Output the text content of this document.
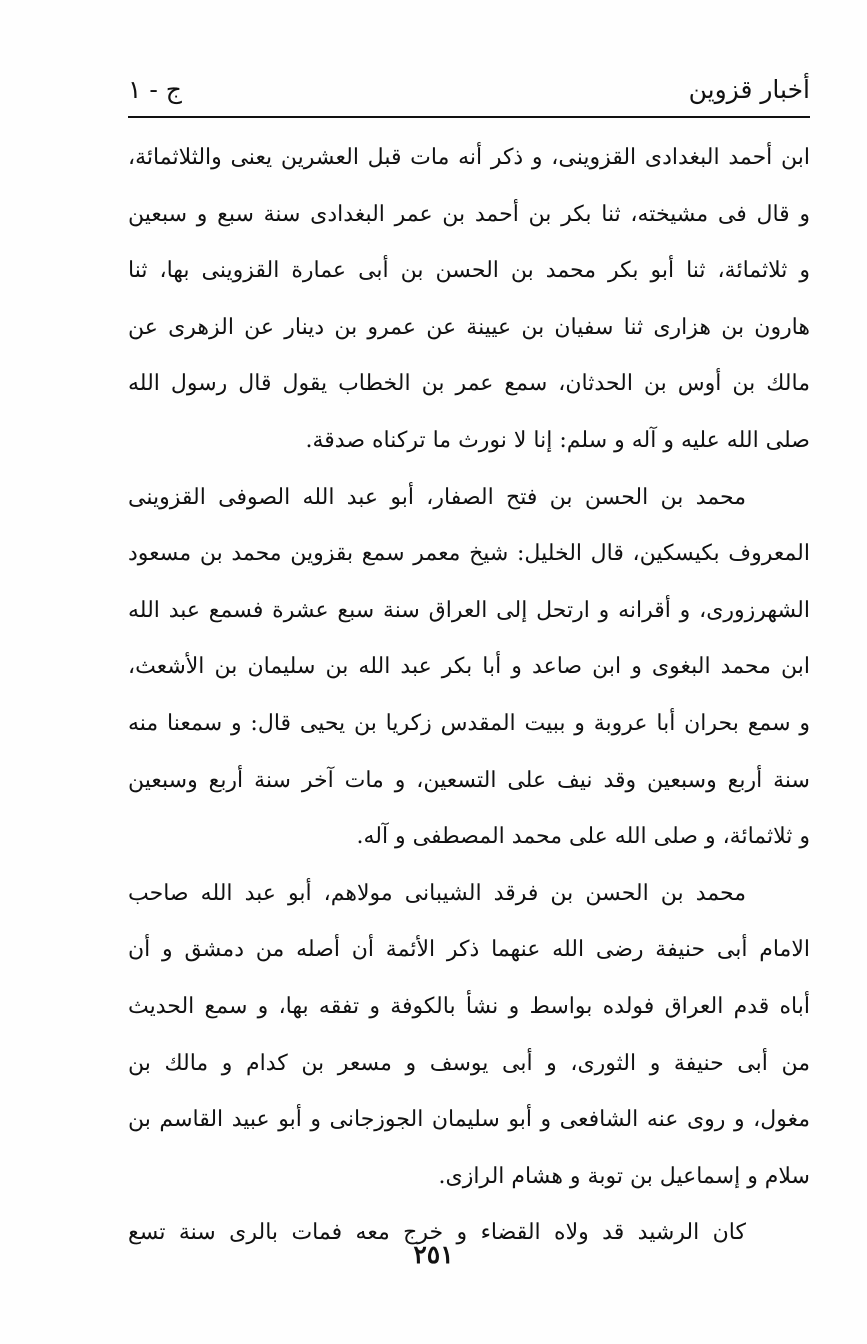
أخبار قزوين
ج - ١
ابن أحمد البغدادى القزوينى، و ذكر أنه مات قبل العشرين يعنى والثلاثمائة،
و قال فى مشيخته، ثنا بكر بن أحمد بن عمر البغدادى سنة سبع و سبعين
و ثلاثمائة، ثنا أبو بكر محمد بن الحسن بن أبى عمارة القزوينى بها، ثنا
هارون بن هزارى ثنا سفيان بن عيينة عن عمرو بن دينار عن الزهرى عن
مالك بن أوس بن الحدثان، سمع عمر بن الخطاب يقول قال رسول الله
صلى الله عليه و آله و سلم: إنا لا نورث ما تركناه صدقة.
محمد بن الحسن بن فتح الصفار، أبو عبد الله الصوفى القزوينى
المعروف بكيسكين، قال الخليل: شيخ معمر سمع بقزوين محمد بن مسعود
الشهرزورى، و أقرانه و ارتحل إلى العراق سنة سبع عشرة فسمع عبد الله
ابن محمد البغوى و ابن صاعد و أبا بكر عبد الله بن سليمان بن الأشعث،
و سمع بحران أبا عروبة و ببيت المقدس زكريا بن يحيى قال: و سمعنا منه
سنة أربع وسبعين وقد نيف على التسعين، و مات آخر سنة أربع وسبعين
و ثلاثمائة، و صلى الله على محمد المصطفى و آله.
محمد بن الحسن بن فرقد الشيبانى مولاهم، أبو عبد الله صاحب
الامام أبى حنيفة رضى الله عنهما ذكر الأئمة أن أصله من دمشق و أن
أباه قدم العراق فولده بواسط و نشأ بالكوفة و تفقه بها، و سمع الحديث
من أبى حنيفة و الثورى، و أبى يوسف و مسعر بن كدام و مالك بن
مغول، و روى عنه الشافعى و أبو سليمان الجوزجانى و أبو عبيد القاسم بن
سلام و إسماعيل بن توبة و هشام الرازى.
كان الرشيد قد ولاه القضاء و خرج معه فمات بالرى سنة تسع
٢٥١
